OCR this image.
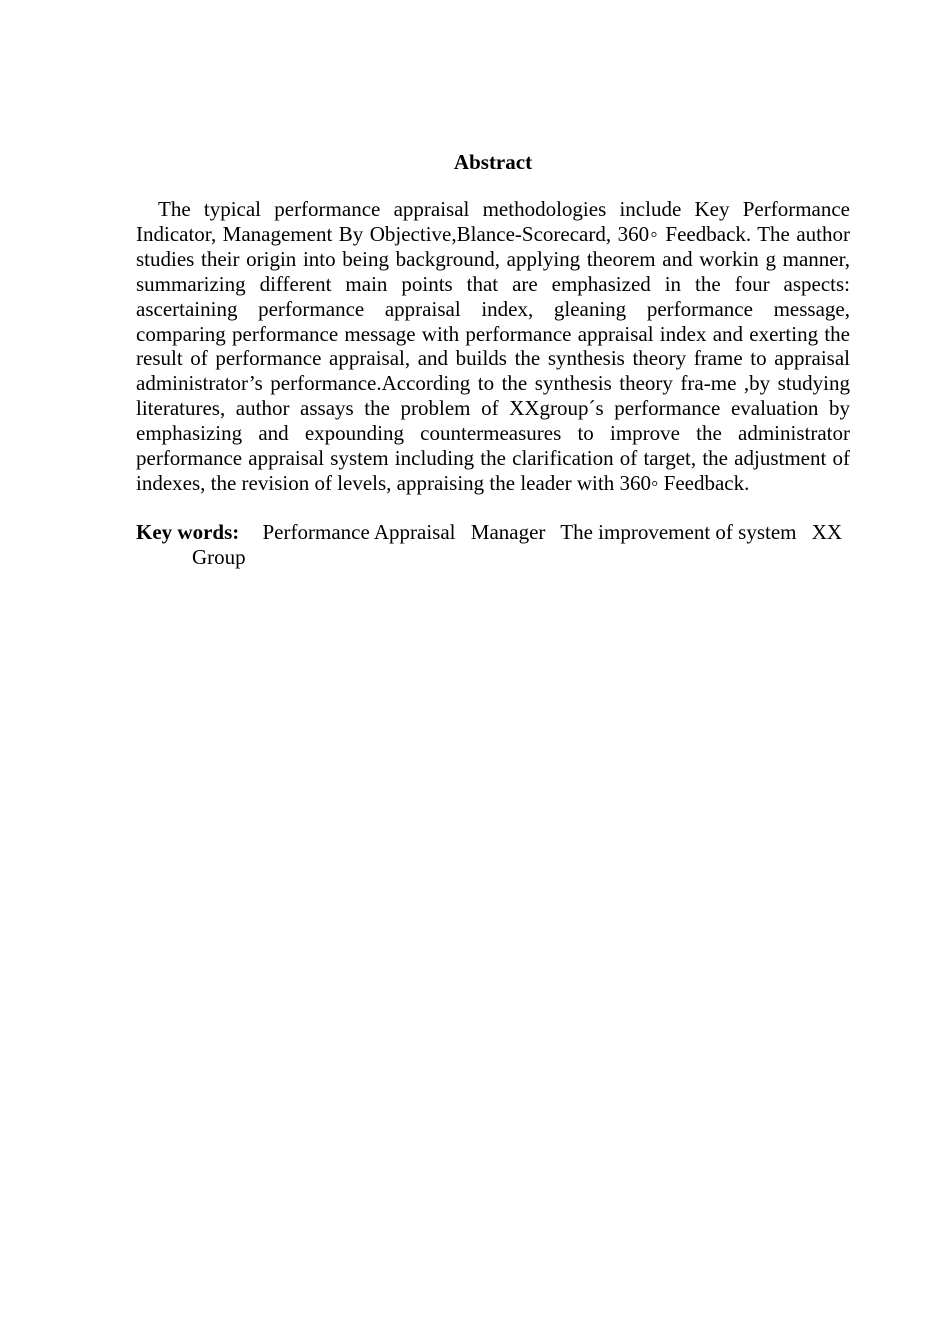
Abstract

The typical performance appraisal methodologies include Key Performance Indicator, Management By Objective,Blance-Scorecard, 360◦ Feedback. The author studies their origin into being background, applying theorem and workin g manner, summarizing different main points that are emphasized in the four aspects: ascertaining performance appraisal index, gleaning performance message, comparing performance message with performance appraisal index and exerting the result of performance appraisal, and builds the synthesis theory frame to appraisal administrator’s performance.According to the synthesis theory fra-me ,by studying literatures, author assays the problem of XXgroup´s performance evaluation by emphasizing and expounding countermeasures to improve the administrator performance appraisal system including the clarification of target, the adjustment of indexes, the revision of levels, appraising the leader with 360◦ Feedback.

Key words: Performance Appraisal Manager The improvement of system XX Group
